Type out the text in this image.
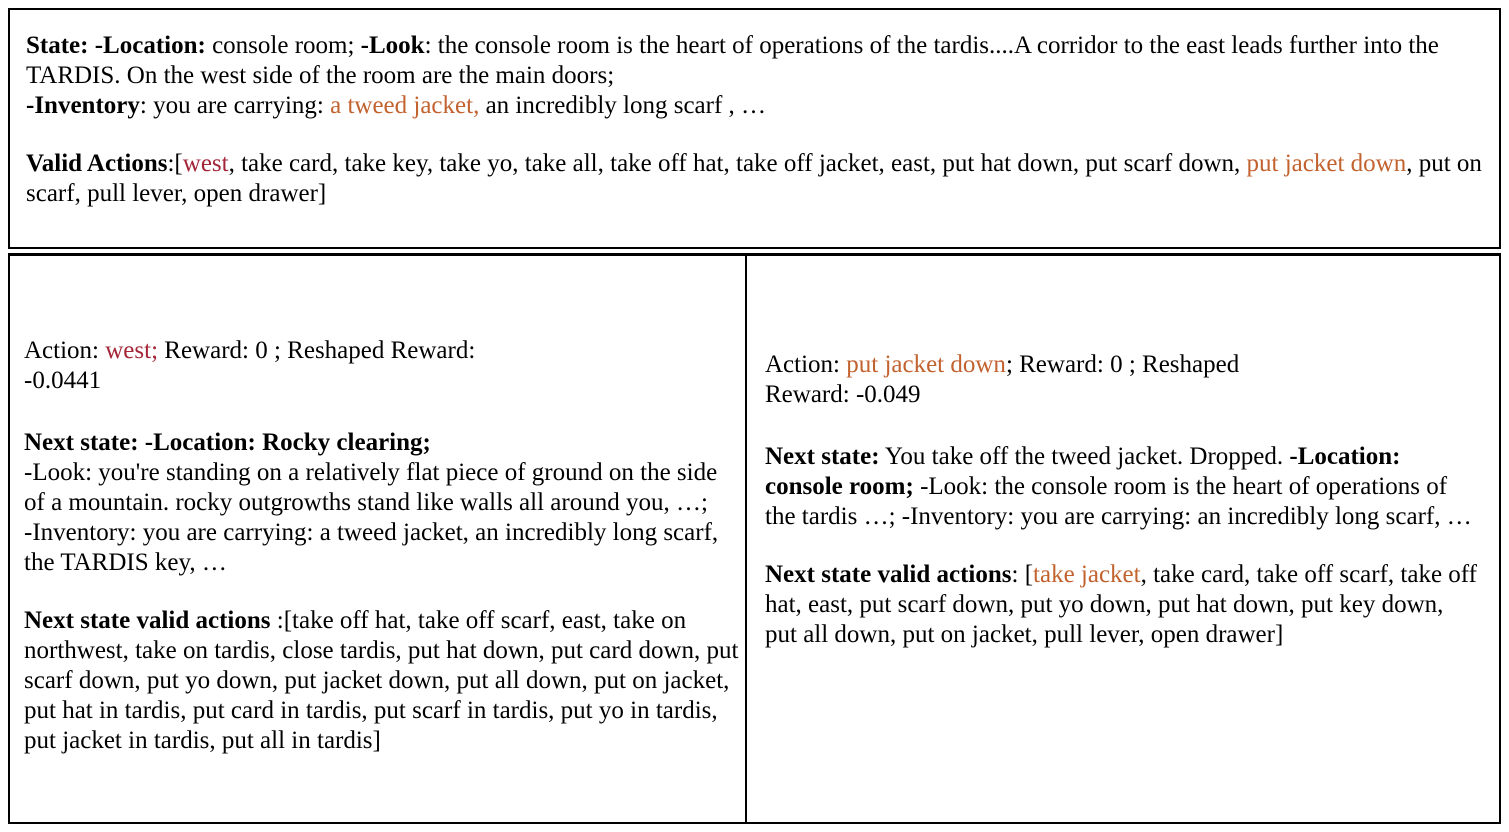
State: -Location: console room; -Look: the console room is the heart of operations of the tardis....A corridor to the east leads further into the TARDIS. On the west side of the room are the main doors;
-Inventory: you are carrying: a tweed jacket, an incredibly long scarf , …

Valid Actions:[west, take card, take key, take yo, take all, take off hat, take off jacket, east, put hat down, put scarf down, put jacket down, put on scarf, pull lever, open drawer]

Action: west; Reward: 0 ; Reshaped Reward:
-0.0441

Next state: -Location: Rocky clearing;
-Look: you're standing on a relatively flat piece of ground on the side of a mountain. rocky outgrowths stand like walls all around you, …;
-Inventory: you are carrying: a tweed jacket, an incredibly long scarf, the TARDIS key, …

Next state valid actions :[take off hat, take off scarf, east, take on northwest, take on tardis, close tardis, put hat down, put card down, put scarf down, put yo down, put jacket down, put all down, put on jacket, put hat in tardis, put card in tardis, put scarf in tardis, put yo in tardis, put jacket in tardis, put all in tardis]

Action: put jacket down; Reward: 0 ; Reshaped
Reward: -0.049

Next state: You take off the tweed jacket. Dropped. -Location: console room; -Look: the console room is the heart of operations of the tardis …; -Inventory: you are carrying: an incredibly long scarf, …

Next state valid actions: [take jacket, take card, take off scarf, take off hat, east, put scarf down, put yo down, put hat down, put key down, put all down, put on jacket, pull lever, open drawer]
